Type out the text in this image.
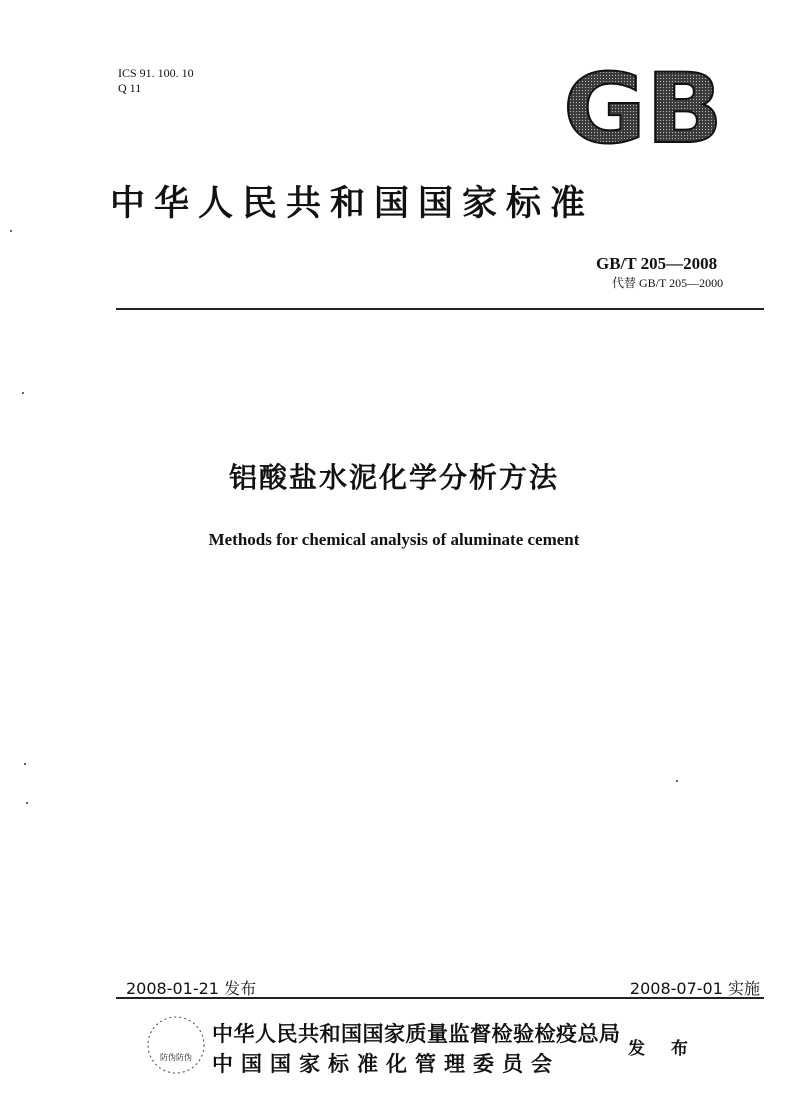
ICS 91. 100. 10
Q 11	GB
中华人民共和国国家标准
GB/T 205—2008
代替 GB/T 205—2000
铝酸盐水泥化学分析方法
Methods for chemical analysis of aluminate cement
2008-01-21 发布	2008-07-01 实施
防伪防伪
中华人民共和国国家质量监督检验检疫总局
中国国家标准化管理委员会
发 布
